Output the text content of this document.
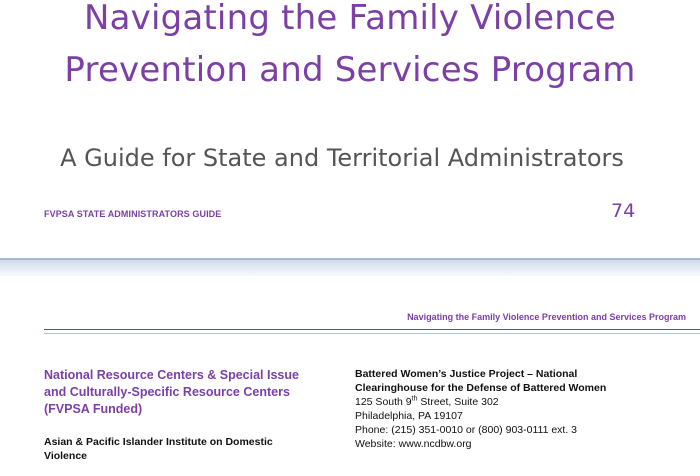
Navigating the Family Violence
Prevention and Services Program
A Guide for State and Territorial Administrators
FVPSA STATE ADMINISTRATORS GUIDE	74
Navigating the Family Violence Prevention and Services Program
National Resource Centers & Special Issue
and Culturally-Specific Resource Centers
(FVPSA Funded)
Asian & Pacific Islander Institute on Domestic
Violence
Battered Women’s Justice Project – National
Clearinghouse for the Defense of Battered Women
125 South 9th Street, Suite 302
Philadelphia, PA 19107
Phone: (215) 351-0010 or (800) 903-0111 ext. 3
Website: www.ncdbw.org
